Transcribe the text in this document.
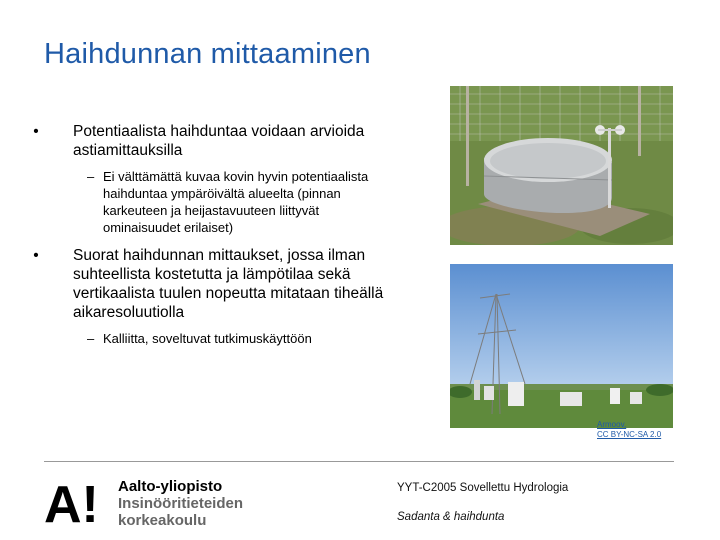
Haihdunnan mittaaminen
• Potentiaalista haihduntaa voidaan arvioida astiamittauksilla
– Ei välttämättä kuvaa kovin hyvin potentiaalista haihduntaa ympäröivältä alueelta (pinnan karkeuteen ja heijastavuuteen liittyvät ominaisuudet erilaiset)
• Suorat haihdunnan mittaukset, jossa ilman suhteellista kostetutta ja lämpötilaa sekä vertikaalista tuulen nopeutta mitataan tiheällä aikaresoluutiolla
– Kalliitta, soveltuvat tutkimuskäyttöön
Armoov,
CC BY-NC-SA 2.0
A! Aalto-yliopisto
Insinööritieteiden
korkeakoulu
YYT-C2005 Sovellettu Hydrologia
Sadanta & haihdunta
